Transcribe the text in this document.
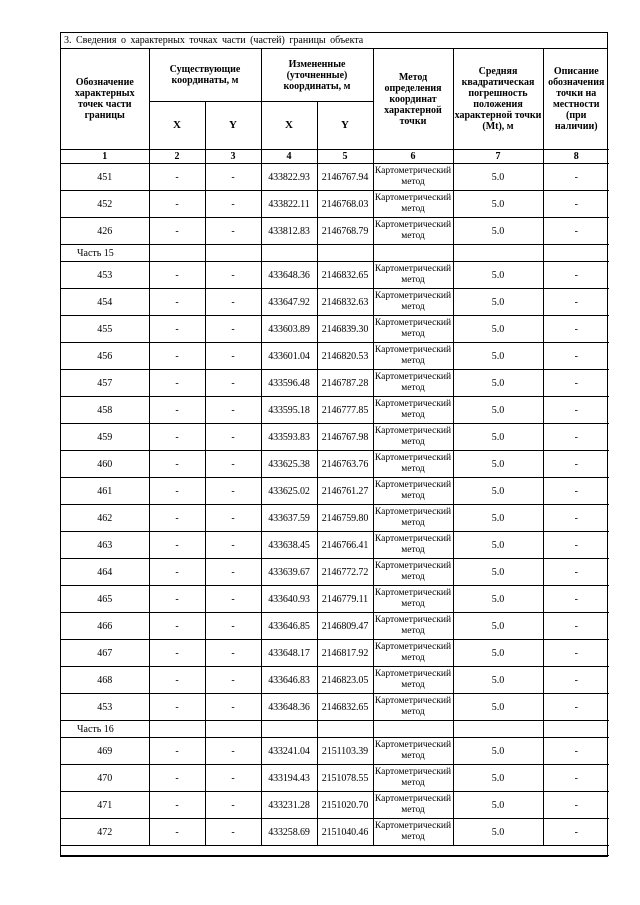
3. Сведения о характерных точках части (частей) границы объекта
Обозначение характерных точек части границы	Существующие координаты, м		Измененные (уточненные) координаты, м		Метод определения координат характерной точки	Средняя квадратическая погрешность положения характерной точки (Mt), м	Описание обозначения точки на местности (при наличии)
	X	Y	X	Y			
1	2	3	4	5	6	7	8
451	-	-	433822.93	2146767.94	Картометрический метод	5.0	-
452	-	-	433822.11	2146768.03	Картометрический метод	5.0	-
426	-	-	433812.83	2146768.79	Картометрический метод	5.0	-
Часть 15							
453	-	-	433648.36	2146832.65	Картометрический метод	5.0	-
454	-	-	433647.92	2146832.63	Картометрический метод	5.0	-
455	-	-	433603.89	2146839.30	Картометрический метод	5.0	-
456	-	-	433601.04	2146820.53	Картометрический метод	5.0	-
457	-	-	433596.48	2146787.28	Картометрический метод	5.0	-
458	-	-	433595.18	2146777.85	Картометрический метод	5.0	-
459	-	-	433593.83	2146767.98	Картометрический метод	5.0	-
460	-	-	433625.38	2146763.76	Картометрический метод	5.0	-
461	-	-	433625.02	2146761.27	Картометрический метод	5.0	-
462	-	-	433637.59	2146759.80	Картометрический метод	5.0	-
463	-	-	433638.45	2146766.41	Картометрический метод	5.0	-
464	-	-	433639.67	2146772.72	Картометрический метод	5.0	-
465	-	-	433640.93	2146779.11	Картометрический метод	5.0	-
466	-	-	433646.85	2146809.47	Картометрический метод	5.0	-
467	-	-	433648.17	2146817.92	Картометрический метод	5.0	-
468	-	-	433646.83	2146823.05	Картометрический метод	5.0	-
453	-	-	433648.36	2146832.65	Картометрический метод	5.0	-
Часть 16							
469	-	-	433241.04	2151103.39	Картометрический метод	5.0	-
470	-	-	433194.43	2151078.55	Картометрический метод	5.0	-
471	-	-	433231.28	2151020.70	Картометрический метод	5.0	-
472	-	-	433258.69	2151040.46	Картометрический метод	5.0	-
